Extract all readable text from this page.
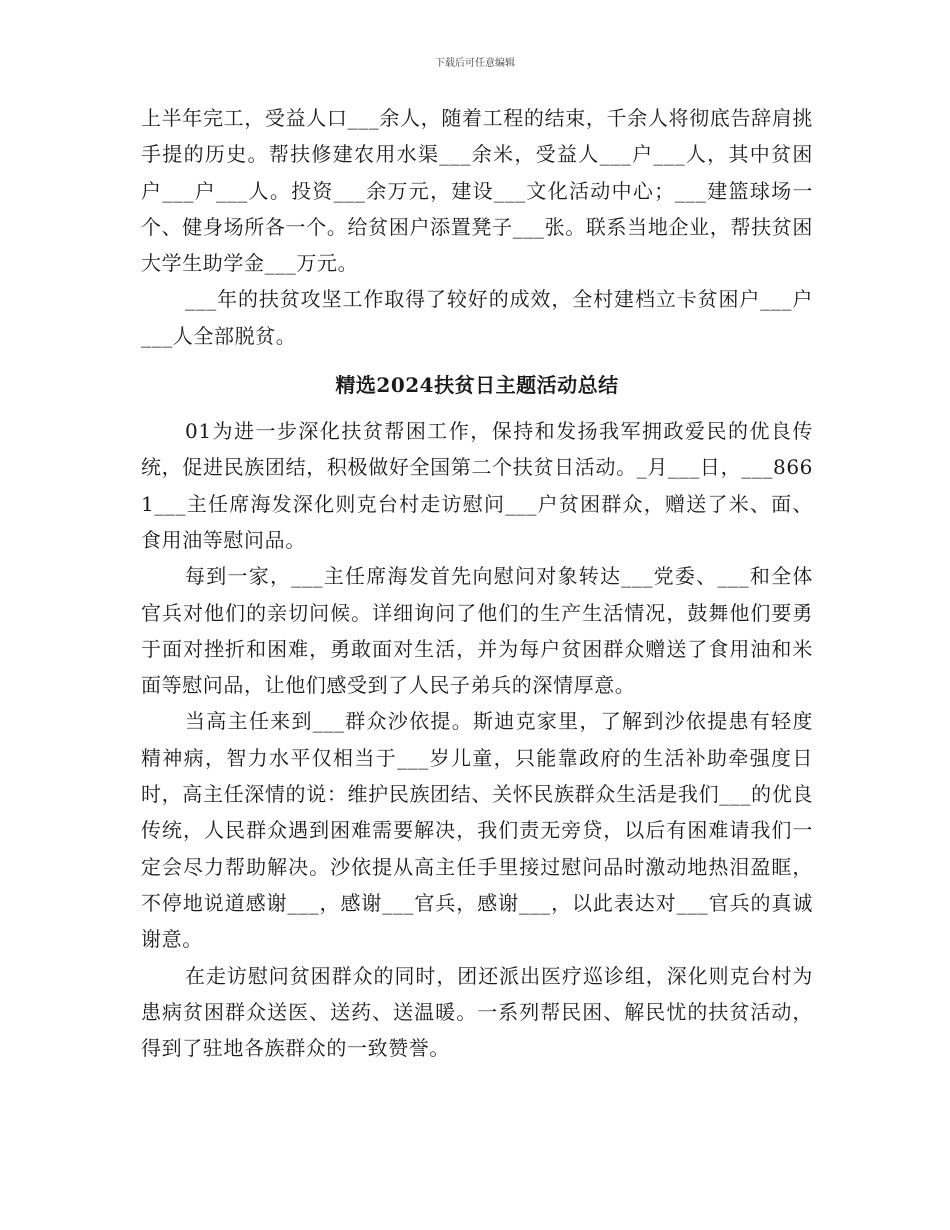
下载后可任意编辑

上半年完工，受益人口___余人，随着工程的结束，千余人将彻底告辞肩挑手提的历史。帮扶修建农用水渠___余米，受益人___户___人，其中贫困户___户___人。投资___余万元，建设___文化活动中心；___建篮球场一个、健身场所各一个。给贫困户添置凳子___张。联系当地企业，帮扶贫困大学生助学金___万元。

___年的扶贫攻坚工作取得了较好的成效，全村建档立卡贫困户___户___人全部脱贫。

精选2024扶贫日主题活动总结

01为进一步深化扶贫帮困工作，保持和发扬我军拥政爱民的优良传统，促进民族团结，积极做好全国第二个扶贫日活动。_月___日，___8661___主任席海发深化则克台村走访慰问___户贫困群众，赠送了米、面、食用油等慰问品。

每到一家，___主任席海发首先向慰问对象转达___党委、___和全体官兵对他们的亲切问候。详细询问了他们的生产生活情况，鼓舞他们要勇于面对挫折和困难，勇敢面对生活，并为每户贫困群众赠送了食用油和米面等慰问品，让他们感受到了人民子弟兵的深情厚意。

当高主任来到___群众沙依提。斯迪克家里，了解到沙依提患有轻度精神病，智力水平仅相当于___岁儿童，只能靠政府的生活补助牵强度日时，高主任深情的说：维护民族团结、关怀民族群众生活是我们___的优良传统，人民群众遇到困难需要解决，我们责无旁贷，以后有困难请我们一定会尽力帮助解决。沙依提从高主任手里接过慰问品时激动地热泪盈眶，不停地说道感谢___，感谢___官兵，感谢___，以此表达对___官兵的真诚谢意。

在走访慰问贫困群众的同时，团还派出医疗巡诊组，深化则克台村为患病贫困群众送医、送药、送温暖。一系列帮民困、解民忧的扶贫活动，得到了驻地各族群众的一致赞誉。
